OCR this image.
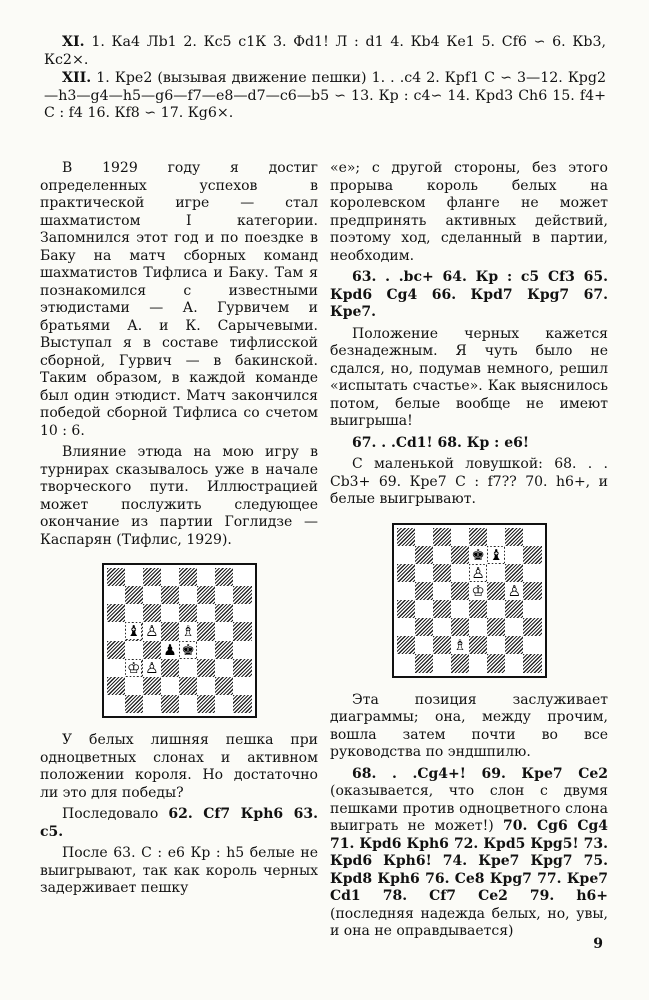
XI. 1. Ка4 Лb1 2. Кс5 с1К 3. Фd1! Л : d1 4. Кb4 Кe1 5. Сf6 ∽ 6. Кb3, Кс2×.
XII. 1. Кре2 (вызывая движение пешки) 1. . .с4 2. Кpf1 С ∽ 3—12. Кpg2—h3—g4—h5—g6—f7—e8—d7—c6—b5 ∽ 13. Кр : с4∽ 14. Кpd3 Сh6 15. f4+ С : f4 16. Кf8 ∽ 17. Кg6×.

В 1929 году я достиг определенных успехов в практической игре — стал шахматистом I категории. Запомнился этот год и по поездке в Баку на матч сборных команд шахматистов Тифлиса и Баку. Там я познакомился с известными этюдистами — А. Гурвичем и братьями А. и К. Сарычевыми. Выступал я в составе тифлисской сборной, Гурвич — в бакинской. Таким образом, в каждой команде был один этюдист. Матч закончился победой сборной Тифлиса со счетом 10 : 6.

Влияние этюда на мою игру в турнирах сказывалось уже в начале творческого пути. Иллюстрацией может послужить следующее окончание из партии Гоглидзе — Каспарян (Тифлис, 1929).

♝ ♙ ♗
♟ ♚
♔ ♙

У белых лишняя пешка при одноцветных слонах и активном положении короля. Но достаточно ли это для победы?

Последовало 62. Сf7 Кph6 63. с5.

После 63. С : е6 Кр : h5 белые не выигрывают, так как король черных задерживает пешку

«е»; с другой стороны, без этого прорыва король белых на королевском фланге не может предпринять активных действий, поэтому ход, сделанный в партии, необходим.

63. . .bc+ 64. Кр : с5 Сf3 65. Кpd6 Сg4 66. Кpd7 Кpg7 67. Кре7.

Положение черных кажется безнадежным. Я чуть было не сдался, но, подумав немного, решил «испытать счастье». Как выяснилось потом, белые вообще не имеют выигрыша!

67. . .Сd1! 68. Кр : е6!

С маленькой ловушкой: 68. . . Сb3+ 69. Кре7 С : f7?? 70. h6+, и белые выигрывают.

♚ ♝
♙
♔ ♙
♗

Эта позиция заслуживает диаграммы; она, между прочим, вошла затем почти во все руководства по эндшпилю.

68. . .Сg4+! 69. Кре7 Се2 (оказывается, что слон с двумя пешками против одноцветного слона выиграть не может!) 70. Сg6 Сg4 71. Кpd6 Кph6 72. Кpd5 Кpg5! 73. Кpd6 Кph6! 74. Кре7 Кpg7 75. Кpd8 Кph6 76. Се8 Кpg7 77. Кре7 Сd1 78. Сf7 Се2 79. h6+ (последняя надежда белых, но, увы, и она не оправдывается)

9
